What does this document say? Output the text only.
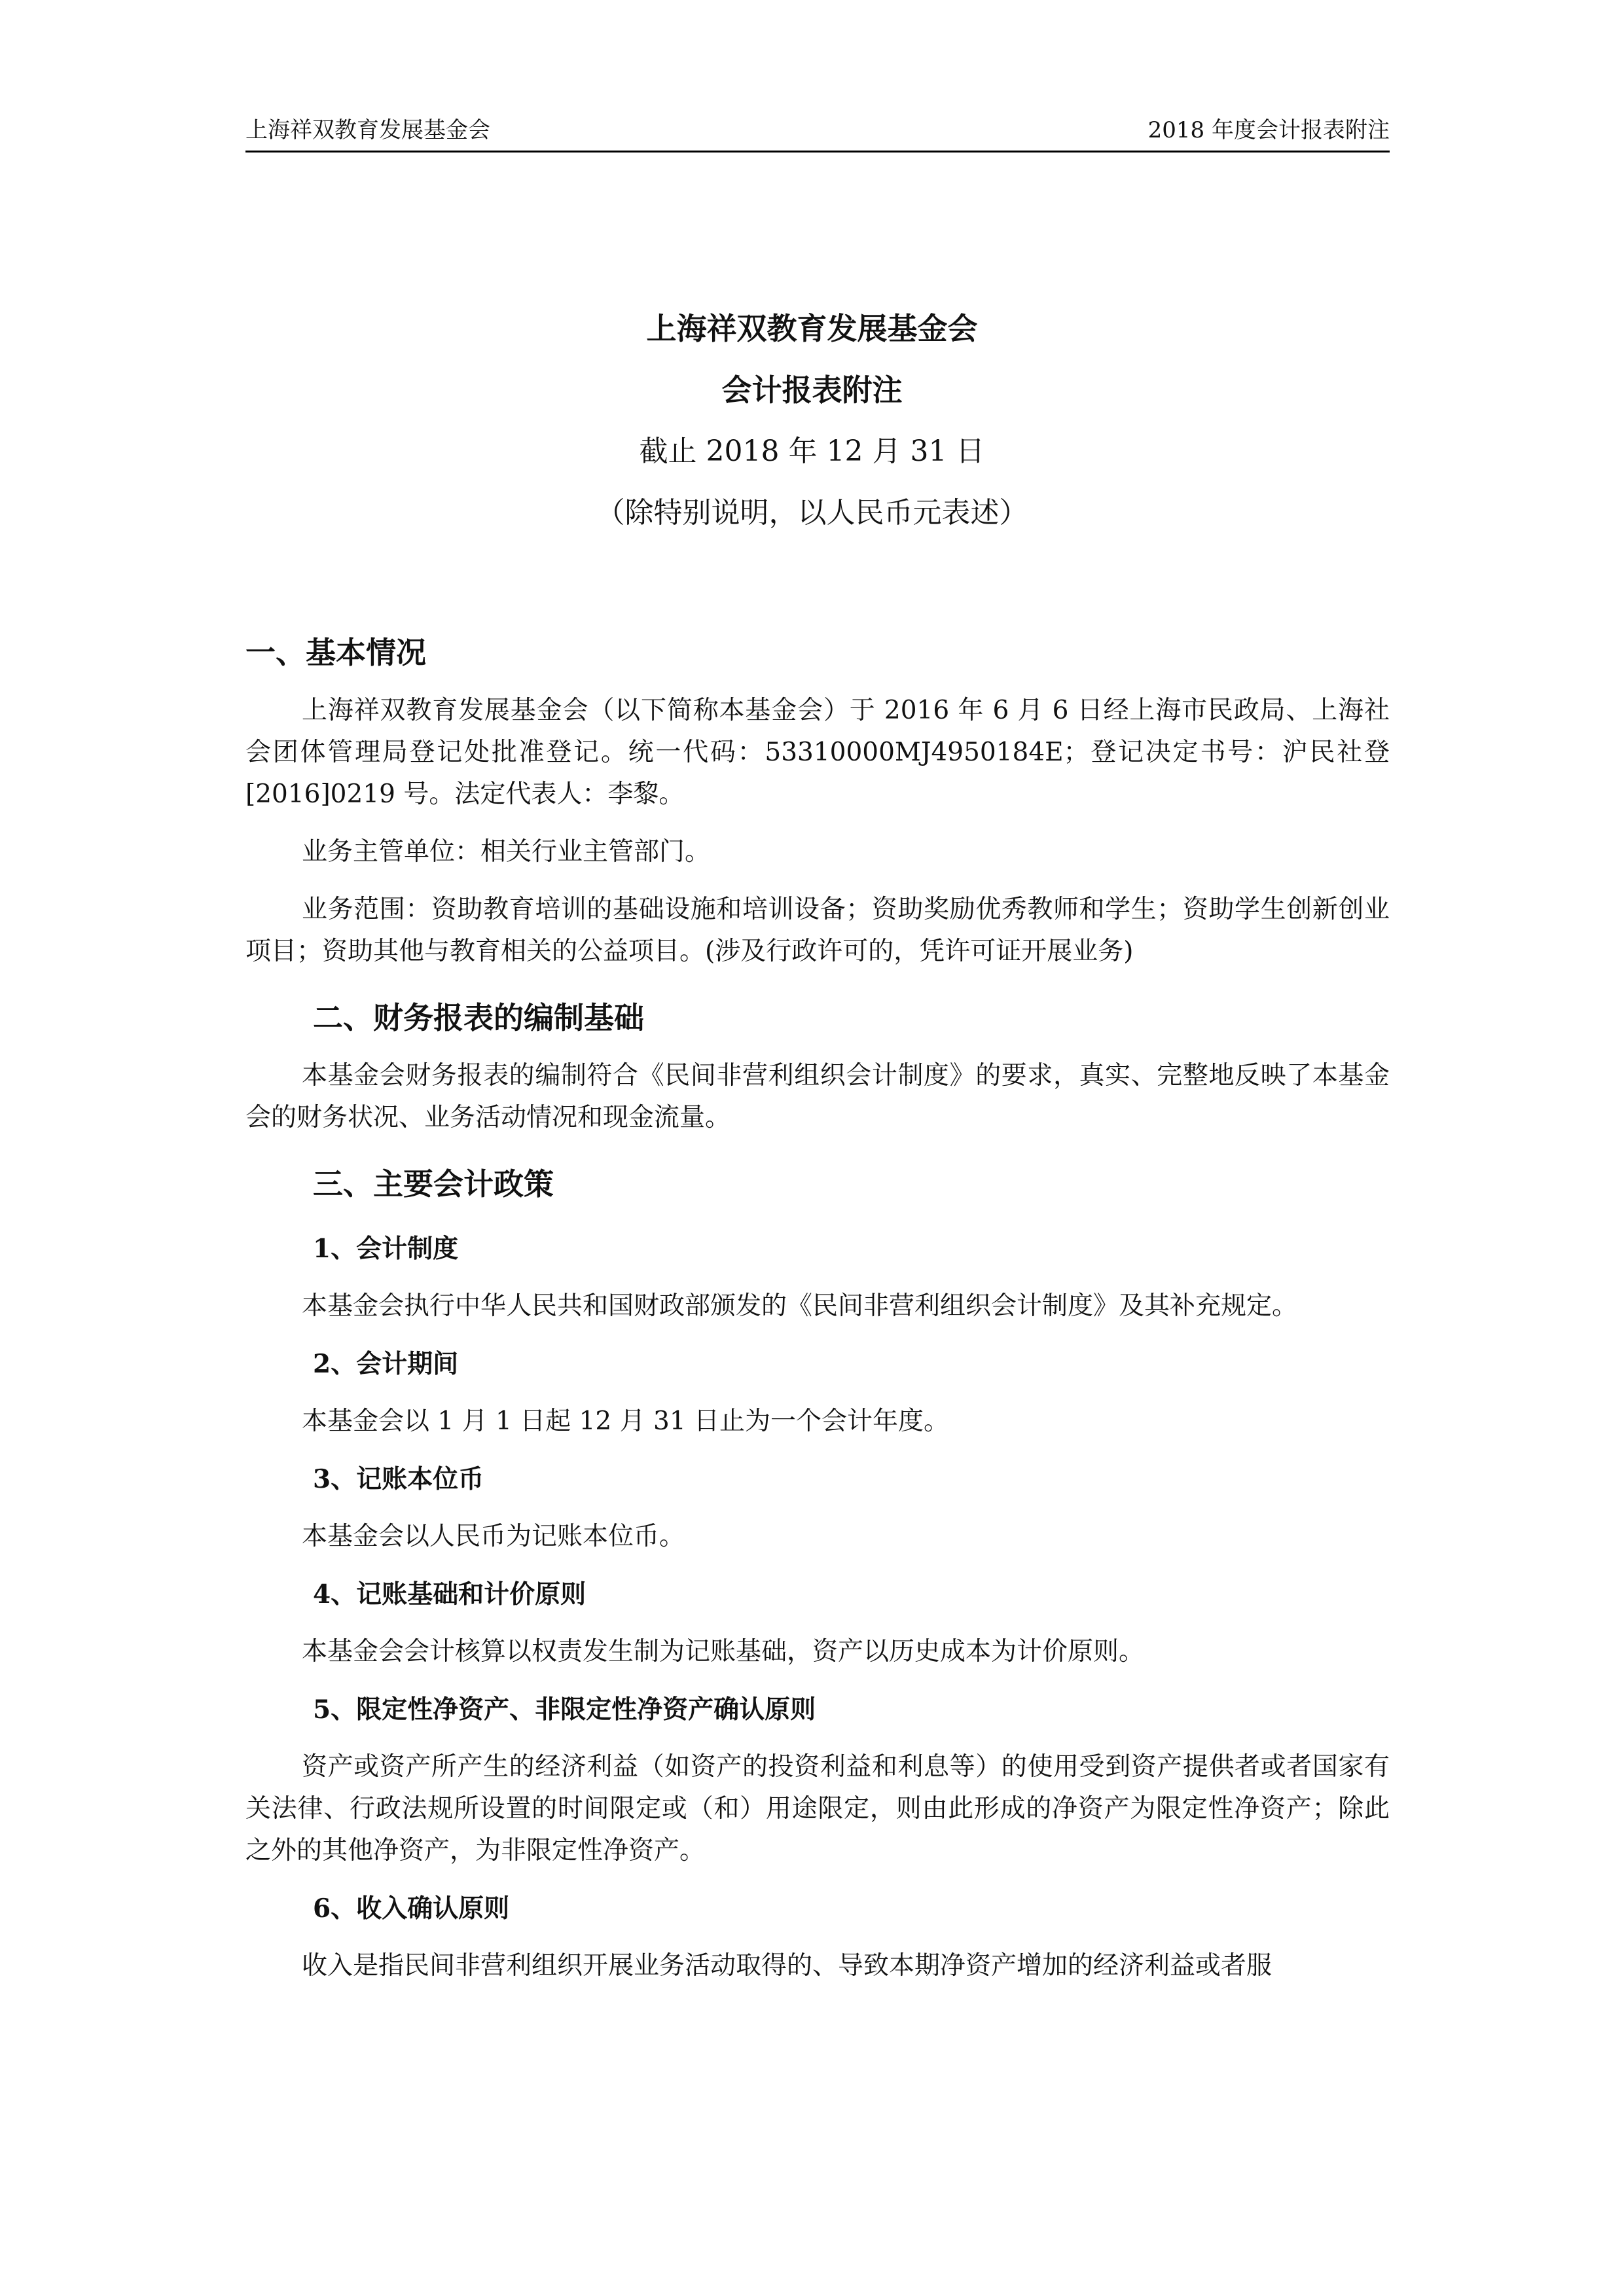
上海祥双教育发展基金会	2018 年度会计报表附注
上海祥双教育发展基金会
会计报表附注
截止 2018 年 12 月 31 日
（除特别说明，以人民币元表述）
一、基本情况

上海祥双教育发展基金会（以下简称本基金会）于 2016 年 6 月 6 日经上海市民政局、上海社会团体管理局登记处批准登记。统一代码：53310000MJ4950184E；登记决定书号：沪民社登[2016]0219 号。法定代表人：李黎。

业务主管单位：相关行业主管部门。

业务范围：资助教育培训的基础设施和培训设备；资助奖励优秀教师和学生；资助学生创新创业项目；资助其他与教育相关的公益项目。(涉及行政许可的，凭许可证开展业务)

二、财务报表的编制基础

本基金会财务报表的编制符合《民间非营利组织会计制度》的要求，真实、完整地反映了本基金会的财务状况、业务活动情况和现金流量。

三、主要会计政策
1、会计制度

本基金会执行中华人民共和国财政部颁发的《民间非营利组织会计制度》及其补充规定。

2、会计期间

本基金会以 1 月 1 日起 12 月 31 日止为一个会计年度。

3、记账本位币

本基金会以人民币为记账本位币。

4、记账基础和计价原则

本基金会会计核算以权责发生制为记账基础，资产以历史成本为计价原则。

5、限定性净资产、非限定性净资产确认原则

资产或资产所产生的经济利益（如资产的投资利益和利息等）的使用受到资产提供者或者国家有关法律、行政法规所设置的时间限定或（和）用途限定，则由此形成的净资产为限定性净资产；除此之外的其他净资产，为非限定性净资产。

6、收入确认原则

收入是指民间非营利组织开展业务活动取得的、导致本期净资产增加的经济利益或者服
